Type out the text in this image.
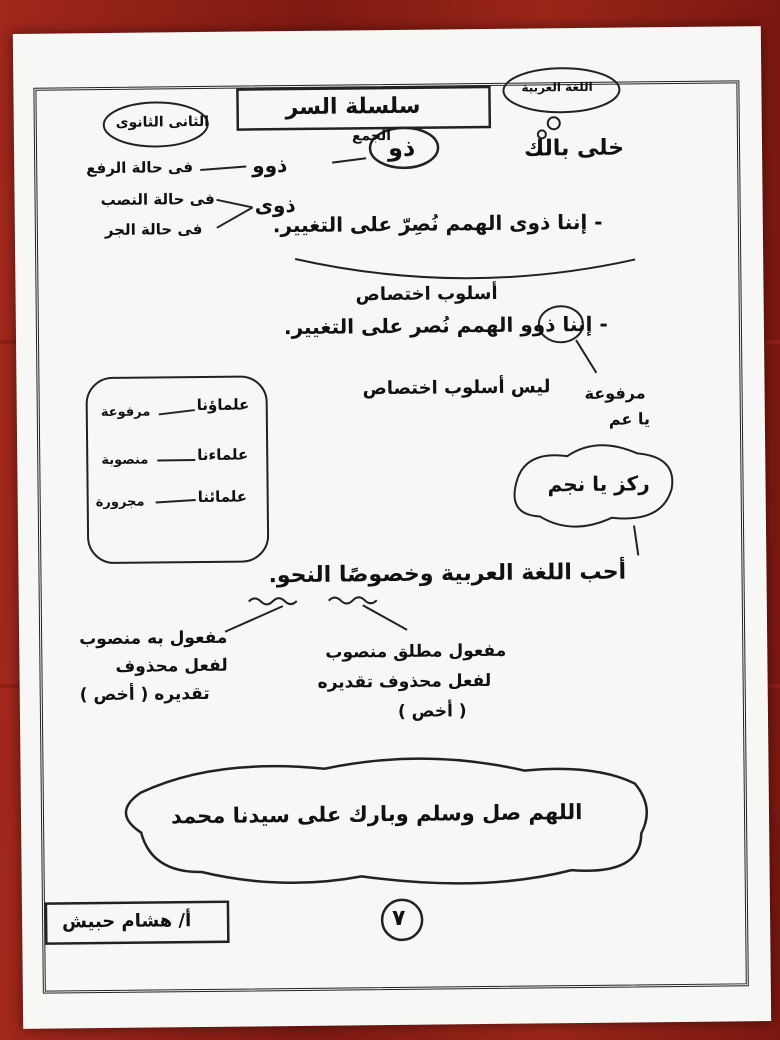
اللغة العربية
سلسلة السر
الثانى الثانوى
خلى بالك
ذو
الجمع
ذوو
فى حالة الرفع
ذوى
فى حالة النصب
فى حالة الجر	- إننا ذوى الهمم نُصِرّ على التغيير.
أسلوب اختصاص
- إننا ذوو الهمم نُصر على التغيير.
ليس أسلوب اختصاص مرفوعة
يا عم
علماؤنا
مرفوعة
علماءنا
منصوبة
علمائنا
مجرورة
ركز يا نجم
أحب اللغة العربية وخصوصًا النحو.
مفعول به منصوب
لفعل محذوف
تقديره ( أخص )
مفعول مطلق منصوب
لفعل محذوف تقديره
( أخص )
اللهم صل وسلم وبارك على سيدنا محمد
أ/ هشام حبيش	٧
